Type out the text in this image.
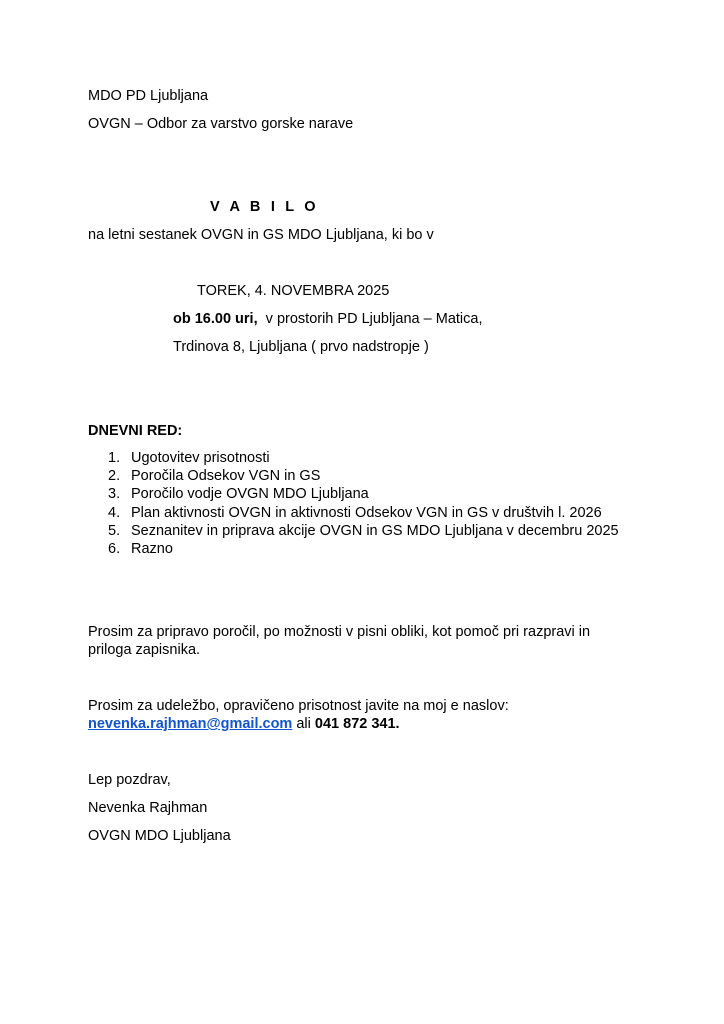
MDO PD Ljubljana
OVGN – Odbor za varstvo gorske narave
V A B I L O
na letni sestanek OVGN in GS MDO Ljubljana, ki bo v
TOREK, 4. NOVEMBRA 2025
ob 16.00 uri,  v prostorih PD Ljubljana – Matica,
Trdinova 8, Ljubljana ( prvo nadstropje )
DNEVNI RED:
1. Ugotovitev prisotnosti
2. Poročila Odsekov VGN in GS
3. Poročilo vodje OVGN MDO Ljubljana
4. Plan aktivnosti OVGN in aktivnosti Odsekov VGN in GS v društvih l. 2026
5. Seznanitev in priprava akcije OVGN in GS MDO Ljubljana v decembru 2025
6. Razno
Prosim za pripravo poročil, po možnosti v pisni obliki, kot pomoč pri razpravi in
priloga zapisnika.
Prosim za udeležbo, opravičeno prisotnost javite na moj e naslov:
nevenka.rajhman@gmail.com ali 041 872 341.
Lep pozdrav,
Nevenka Rajhman
OVGN MDO Ljubljana
